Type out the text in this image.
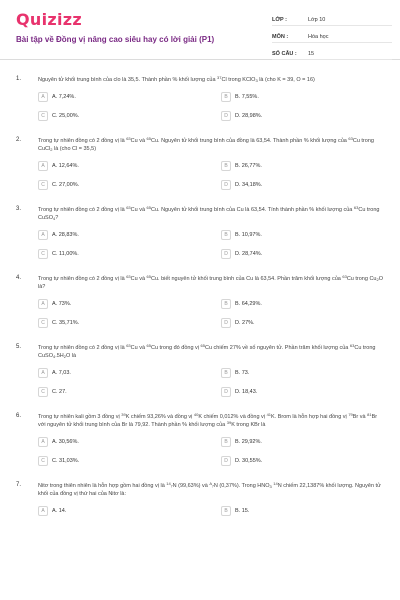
Quizizz
Bài tập về Đồng vị nâng cao siêu hay có lời giải (P1)
LỚP :	Lớp 10
MÔN :	Hóa học
SỐ CÂU :	15
1.	Nguyên tử khối trung bình của clo là 35,5. Thành phần % khối lượng của $^{37}$Cl trong KClO$_3$ là (cho K = 39, O = 16)
A	A. 7,24%.	B	B. 7,55%.
C	C. 25,00%.	D	D. 28,98%.
2.	Trong tự nhiên đồng có 2 đồng vị là $^{63}$Cu và $^{65}$Cu. Nguyên tử khối trung bình của đồng là 63,54. Thành phần % khối lượng của $^{63}$Cu trong CuCl$_2$ là (cho Cl = 35,5)
A	A. 12,64%.	B	B. 26,77%.
C	C. 27,00%.	D	D. 34,18%.
3.	Trong tự nhiên đồng có 2 đồng vị là $^{63}$Cu và $^{65}$Cu. Nguyên tử khối trung bình của Cu là 63,54. Tính thành phần % khối lượng của $^{63}$Cu trong CuSO$_4$?
A	A. 28,83%.	B	B. 10,97%.
C	C. 11,00%.	D	D. 28,74%.
4.	Trong tự nhiên đồng có 2 đồng vị là $^{63}$Cu và $^{65}$Cu. biết nguyên tử khối trung bình của Cu là 63,54. Phần trăm khối lượng của $^{63}$Cu trong $Cu_2O$ là?
A	A. 73%.	B	B. 64,29%.
C	C. 35,71%.	D	D. 27%.
5.	Trong tự nhiên đồng có 2 đồng vị là $^{63}$Cu và $^{65}$Cu trong đó đồng vị $^{65}$Cu chiếm 27% về số nguyên tử. Phần trăm khối lượng của $^{63}$Cu trong $CuSO_4.5H_2O$ là
A	A. 7,03.	B	B. 73.
C	C. 27.	D	D. 18,43.
6.	Trong tự nhiên kali gồm 3 đồng vị $^{39}$K chiếm 93,26% và đồng vị $^{40}$K chiếm 0,012% và đồng vị $^{41}$K. Brom là hỗn hợp hai đồng vị $^{79}$Br và $^{81}$Br với nguyên tử khối trung bình của Br là 79,92. Thành phần % khối lượng của $^{39}$K trong KBr là
A	A. 30,56%.	B	B. 29,92%.
C	C. 31,03%.	D	D. 30,55%.
7.	Nitơ trong thiên nhiên là hỗn hợp gồm hai đồng vị là $^{14}$₇N (99,63%) và $^A$₇N (0,37%). Trong $HNO_3$ $^{14}$N chiếm 22,1387% khối lượng. Nguyên tử khối của đồng vị thứ hai của Nitơ là:
A	A. 14.	B	B. 15.
